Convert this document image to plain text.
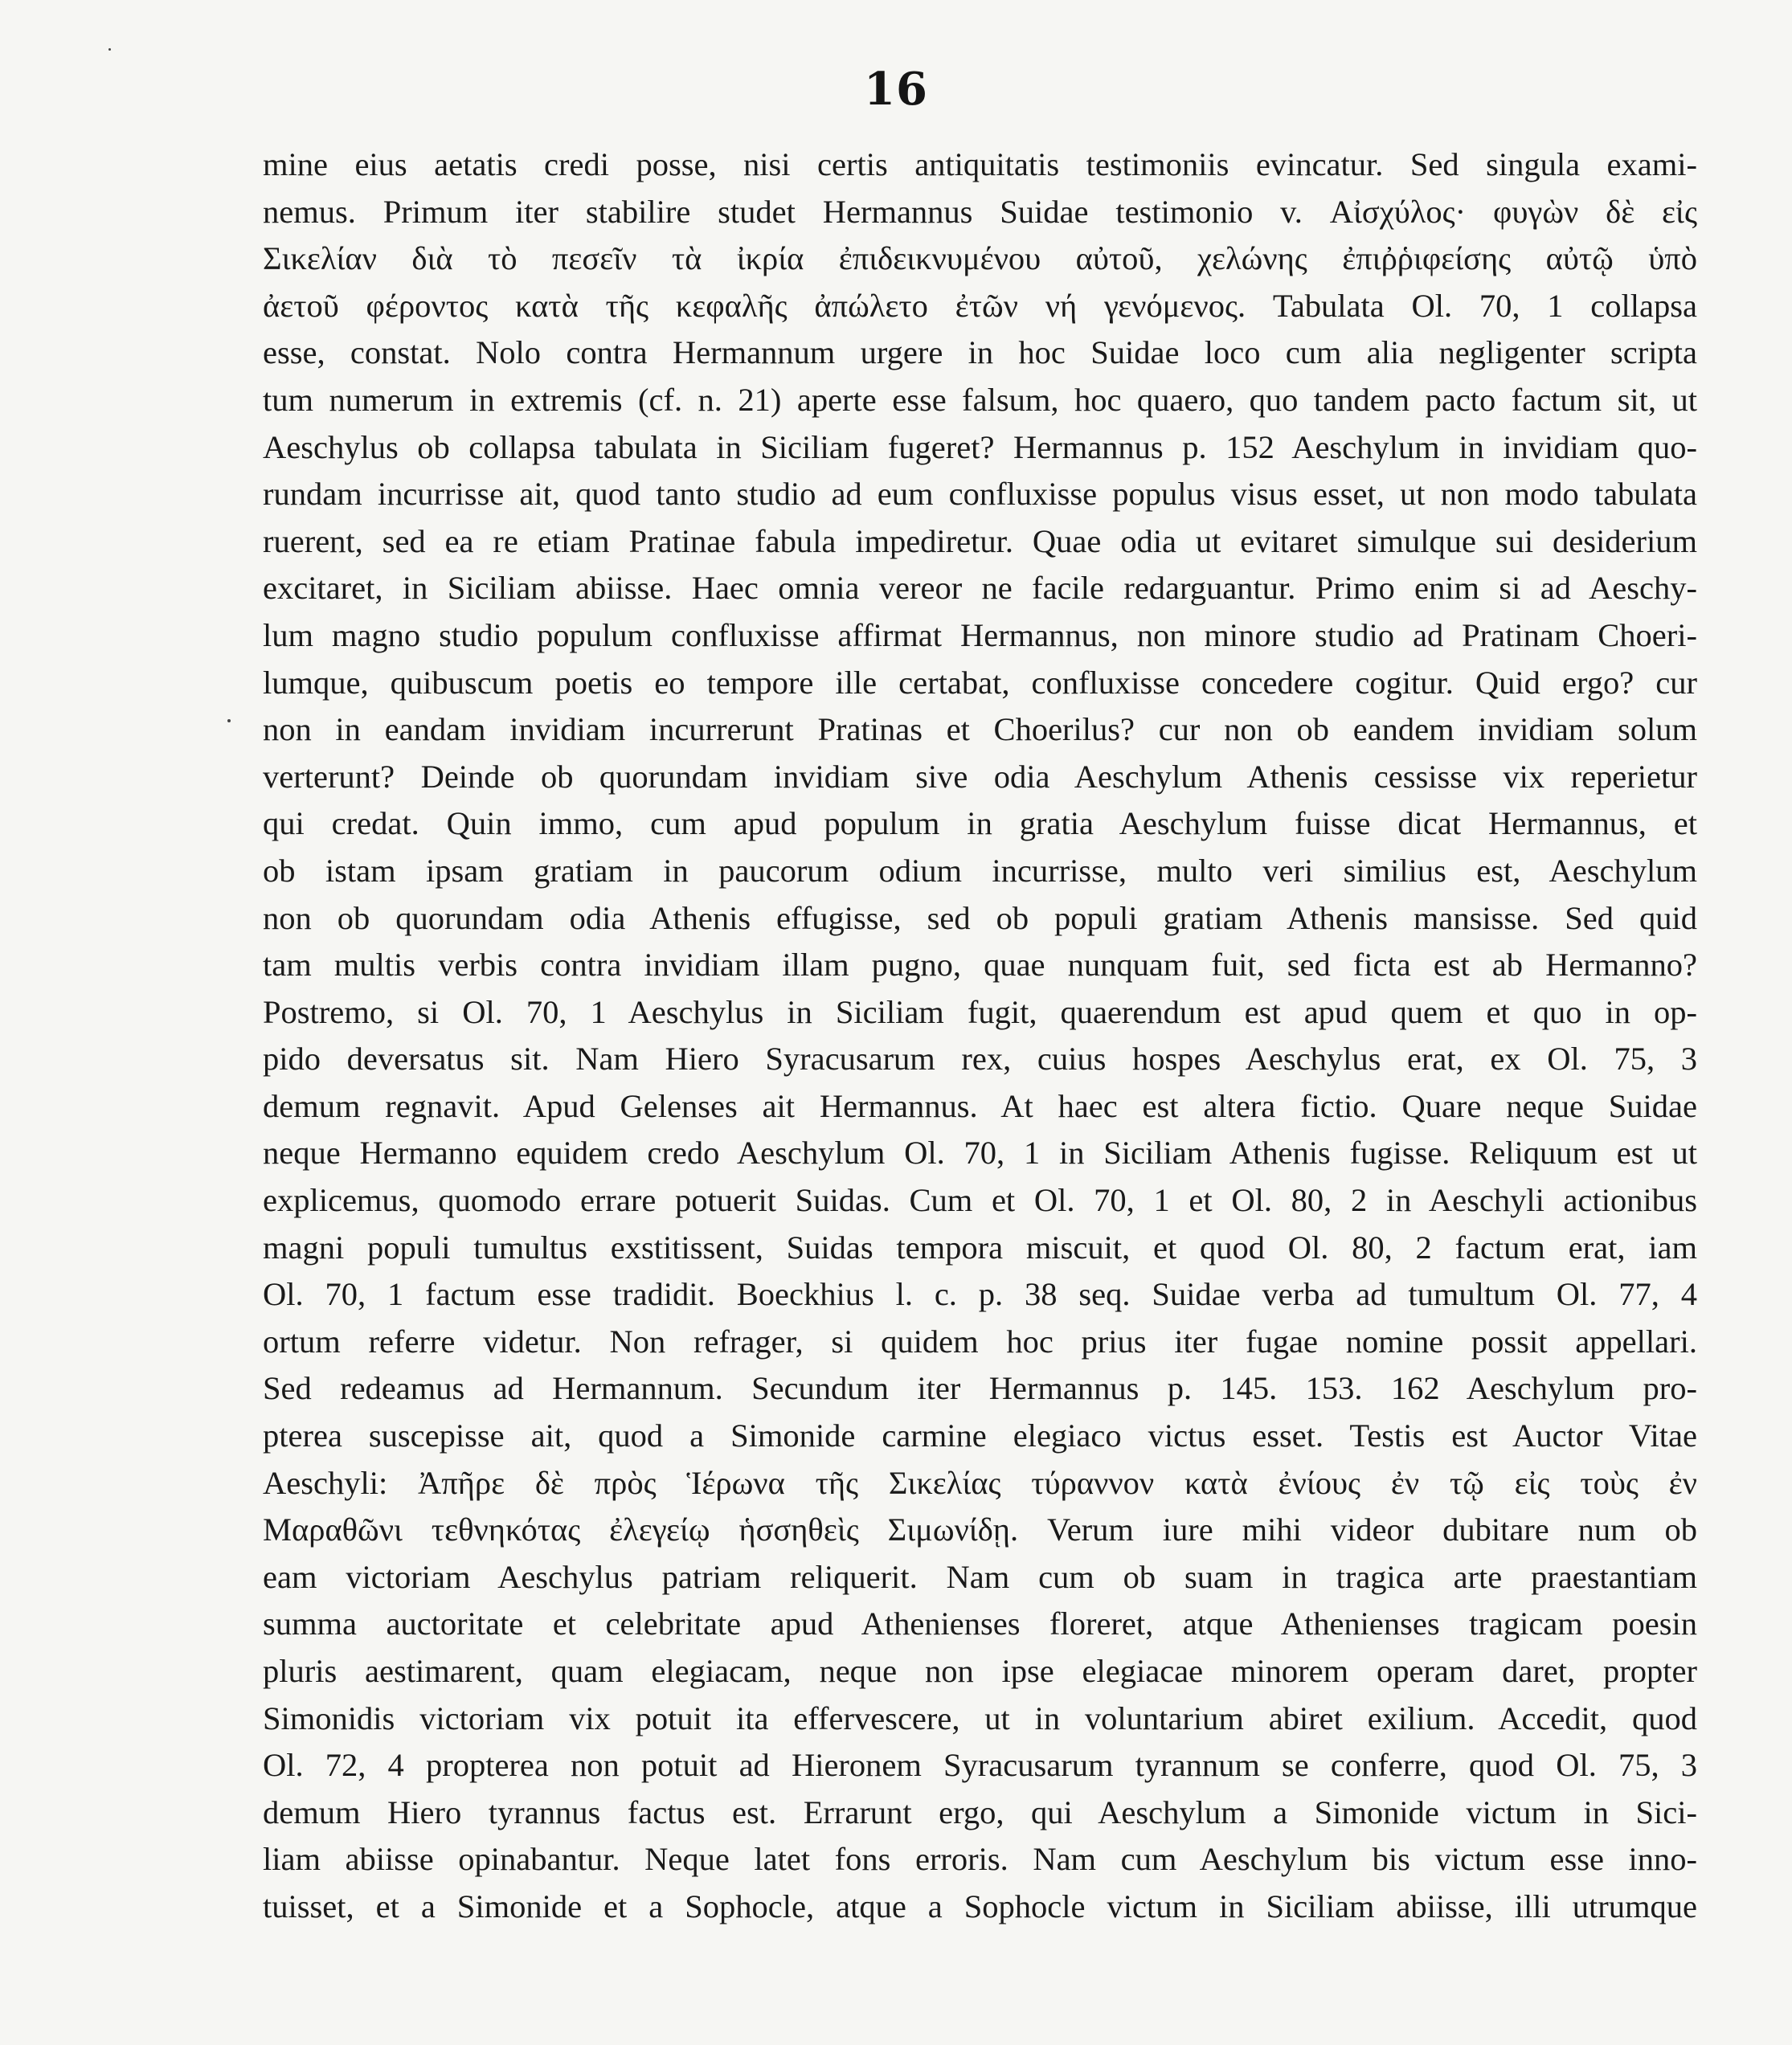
16
mine eius aetatis credi posse, nisi certis antiquitatis testimoniis evincatur. Sed singula exami-
nemus. Primum iter stabilire studet Hermannus Suidae testimonio v. Αἰσχύλος· φυγὼν δὲ εἰς
Σικελίαν διὰ τὸ πεσεῖν τὰ ἰκρία ἐπιδεικνυμένου αὐτοῦ, χελώνης ἐπιῤῥιφείσης αὐτῷ ὑπὸ
ἀετοῦ φέροντος κατὰ τῆς κεφαλῆς ἀπώλετο ἐτῶν νή γενόμενος. Tabulata Ol. 70, 1 collapsa
esse, constat. Nolo contra Hermannum urgere in hoc Suidae loco cum alia negligenter scripta
tum numerum in extremis (cf. n. 21) aperte esse falsum, hoc quaero, quo tandem pacto factum sit, ut
Aeschylus ob collapsa tabulata in Siciliam fugeret? Hermannus p. 152 Aeschylum in invidiam quo-
rundam incurrisse ait, quod tanto studio ad eum confluxisse populus visus esset, ut non modo tabulata
ruerent, sed ea re etiam Pratinae fabula impediretur. Quae odia ut evitaret simulque sui desiderium
excitaret, in Siciliam abiisse. Haec omnia vereor ne facile redarguantur. Primo enim si ad Aeschy-
lum magno studio populum confluxisse affirmat Hermannus, non minore studio ad Pratinam Choeri-
lumque, quibuscum poetis eo tempore ille certabat, confluxisse concedere cogitur. Quid ergo? cur
non in eandam invidiam incurrerunt Pratinas et Choerilus? cur non ob eandem invidiam solum
verterunt? Deinde ob quorundam invidiam sive odia Aeschylum Athenis cessisse vix reperietur
qui credat. Quin immo, cum apud populum in gratia Aeschylum fuisse dicat Hermannus, et
ob istam ipsam gratiam in paucorum odium incurrisse, multo veri similius est, Aeschylum
non ob quorundam odia Athenis effugisse, sed ob populi gratiam Athenis mansisse. Sed quid
tam multis verbis contra invidiam illam pugno, quae nunquam fuit, sed ficta est ab Hermanno?
Postremo, si Ol. 70, 1 Aeschylus in Siciliam fugit, quaerendum est apud quem et quo in op-
pido deversatus sit. Nam Hiero Syracusarum rex, cuius hospes Aeschylus erat, ex Ol. 75, 3
demum regnavit. Apud Gelenses ait Hermannus. At haec est altera fictio. Quare neque Suidae
neque Hermanno equidem credo Aeschylum Ol. 70, 1 in Siciliam Athenis fugisse. Reliquum est ut
explicemus, quomodo errare potuerit Suidas. Cum et Ol. 70, 1 et Ol. 80, 2 in Aeschyli actionibus
magni populi tumultus exstitissent, Suidas tempora miscuit, et quod Ol. 80, 2 factum erat, iam
Ol. 70, 1 factum esse tradidit. Boeckhius l. c. p. 38 seq. Suidae verba ad tumultum Ol. 77, 4
ortum referre videtur. Non refrager, si quidem hoc prius iter fugae nomine possit appellari.
Sed redeamus ad Hermannum. Secundum iter Hermannus p. 145. 153. 162 Aeschylum pro-
pterea suscepisse ait, quod a Simonide carmine elegiaco victus esset. Testis est Auctor Vitae
Aeschyli: Ἀπῆρε δὲ πρὸς Ἱέρωνα τῆς Σικελίας τύραννον κατὰ ἐνίους ἐν τῷ εἰς τοὺς ἐν
Μαραθῶνι τεθνηκότας ἐλεγείῳ ἡσσηθεὶς Σιμωνίδῃ. Verum iure mihi videor dubitare num ob
eam victoriam Aeschylus patriam reliquerit. Nam cum ob suam in tragica arte praestantiam
summa auctoritate et celebritate apud Athenienses floreret, atque Athenienses tragicam poesin
pluris aestimarent, quam elegiacam, neque non ipse elegiacae minorem operam daret, propter
Simonidis victoriam vix potuit ita effervescere, ut in voluntarium abiret exilium. Accedit, quod
Ol. 72, 4 propterea non potuit ad Hieronem Syracusarum tyrannum se conferre, quod Ol. 75, 3
demum Hiero tyrannus factus est. Errarunt ergo, qui Aeschylum a Simonide victum in Sici-
liam abiisse opinabantur. Neque latet fons erroris. Nam cum Aeschylum bis victum esse inno-
tuisset, et a Simonide et a Sophocle, atque a Sophocle victum in Siciliam abiisse, illi utrumque
